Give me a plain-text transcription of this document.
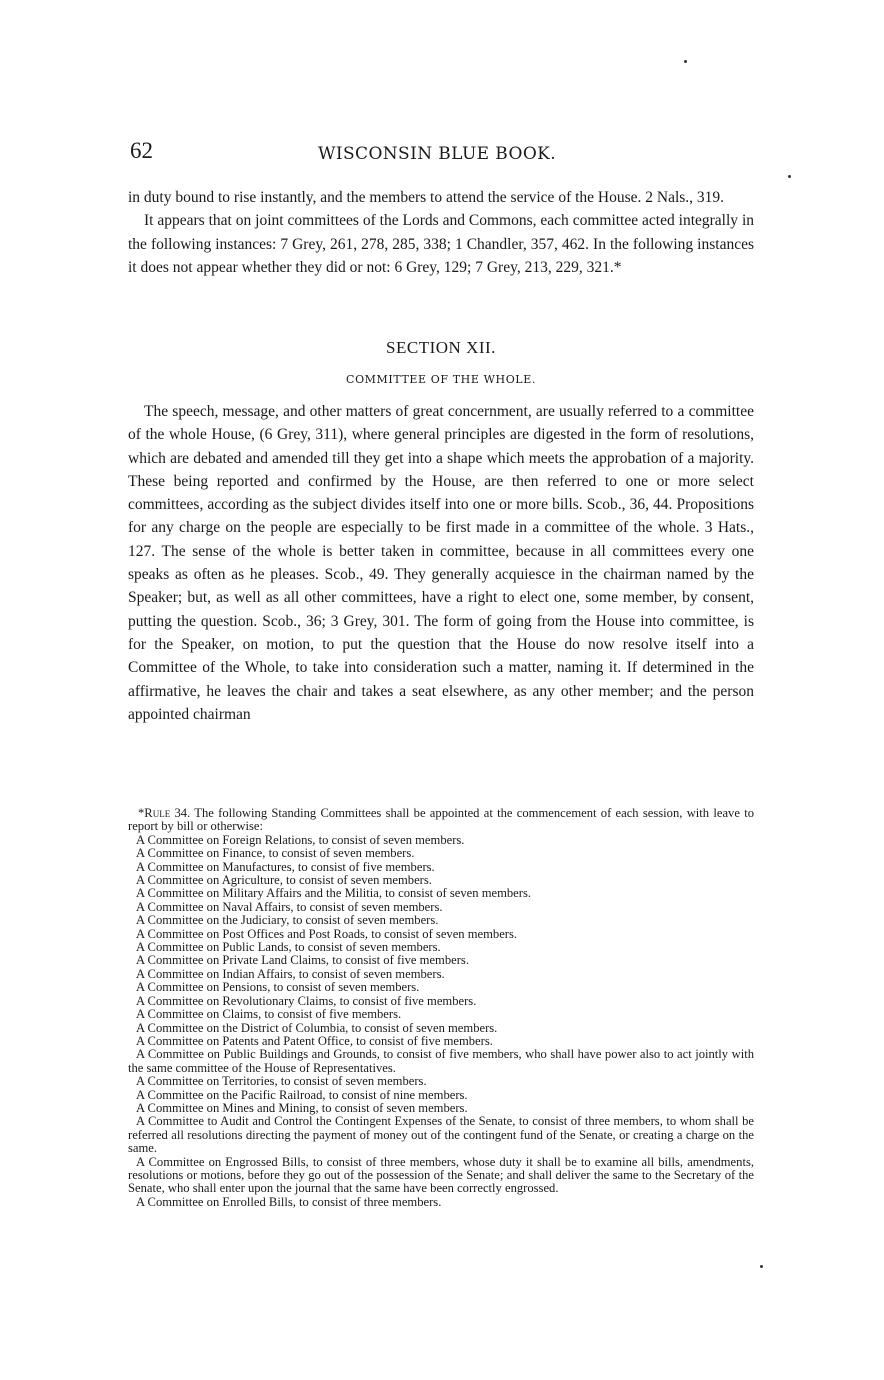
62	WISCONSIN BLUE BOOK.

in duty bound to rise instantly, and the members to attend the service of the House. 2 Nals., 319.

It appears that on joint committees of the Lords and Commons, each committee acted integrally in the following instances: 7 Grey, 261, 278, 285, 338; 1 Chandler, 357, 462. In the following instances it does not appear whether they did or not: 6 Grey, 129; 7 Grey, 213, 229, 321.*

SECTION XII.
COMMITTEE OF THE WHOLE.

The speech, message, and other matters of great concernment, are usually referred to a committee of the whole House, (6 Grey, 311), where general principles are digested in the form of resolutions, which are debated and amended till they get into a shape which meets the approbation of a majority. These being reported and confirmed by the House, are then referred to one or more select committees, according as the subject divides itself into one or more bills. Scob., 36, 44. Propositions for any charge on the people are especially to be first made in a committee of the whole. 3 Hats., 127. The sense of the whole is better taken in committee, because in all committees every one speaks as often as he pleases. Scob., 49. They generally acquiesce in the chairman named by the Speaker; but, as well as all other committees, have a right to elect one, some member, by consent, putting the question. Scob., 36; 3 Grey, 301. The form of going from the House into committee, is for the Speaker, on motion, to put the question that the House do now resolve itself into a Committee of the Whole, to take into consideration such a matter, naming it. If determined in the affirmative, he leaves the chair and takes a seat elsewhere, as any other member; and the person appointed chairman

*Rule 34. The following Standing Committees shall be appointed at the commencement of each session, with leave to report by bill or otherwise:

A Committee on Foreign Relations, to consist of seven members.
A Committee on Finance, to consist of seven members.
A Committee on Manufactures, to consist of five members.
A Committee on Agriculture, to consist of seven members.
A Committee on Military Affairs and the Militia, to consist of seven members.
A Committee on Naval Affairs, to consist of seven members.
A Committee on the Judiciary, to consist of seven members.
A Committee on Post Offices and Post Roads, to consist of seven members.
A Committee on Public Lands, to consist of seven members.
A Committee on Private Land Claims, to consist of five members.
A Committee on Indian Affairs, to consist of seven members.
A Committee on Pensions, to consist of seven members.
A Committee on Revolutionary Claims, to consist of five members.
A Committee on Claims, to consist of five members.
A Committee on the District of Columbia, to consist of seven members.
A Committee on Patents and Patent Office, to consist of five members.
A Committee on Public Buildings and Grounds, to consist of five members, who shall have power also to act jointly with the same committee of the House of Representatives.
A Committee on Territories, to consist of seven members.
A Committee on the Pacific Railroad, to consist of nine members.
A Committee on Mines and Mining, to consist of seven members.
A Committee to Audit and Control the Contingent Expenses of the Senate, to consist of three members, to whom shall be referred all resolutions directing the payment of money out of the contingent fund of the Senate, or creating a charge on the same.
A Committee on Engrossed Bills, to consist of three members, whose duty it shall be to examine all bills, amendments, resolutions or motions, before they go out of the possession of the Senate; and shall deliver the same to the Secretary of the Senate, who shall enter upon the journal that the same have been correctly engrossed.
A Committee on Enrolled Bills, to consist of three members.
